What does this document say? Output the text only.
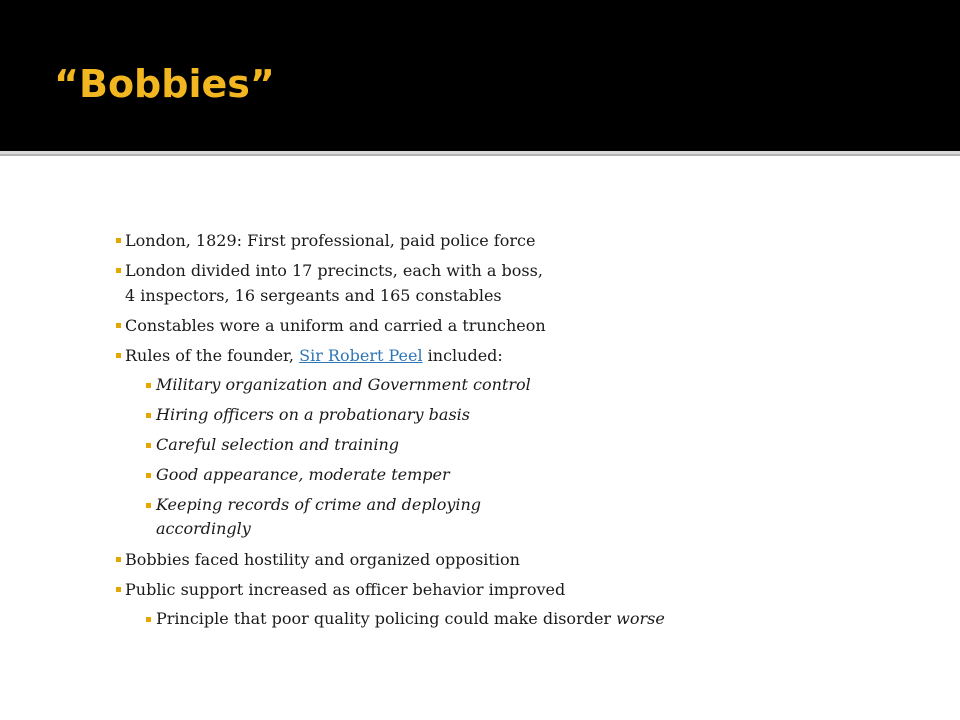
“Bobbies”
London, 1829: First professional, paid police force
London divided into 17 precincts, each with a boss,
4 inspectors, 16 sergeants and 165 constables
Constables wore a uniform and carried a truncheon
Rules of the founder, Sir Robert Peel included:
Military organization and Government control
Hiring officers on a probationary basis
Careful selection and training
Good appearance, moderate temper
Keeping records of crime and deploying
accordingly
Bobbies faced hostility and organized opposition
Public support increased as officer behavior improved
Principle that poor quality policing could make disorder worse
